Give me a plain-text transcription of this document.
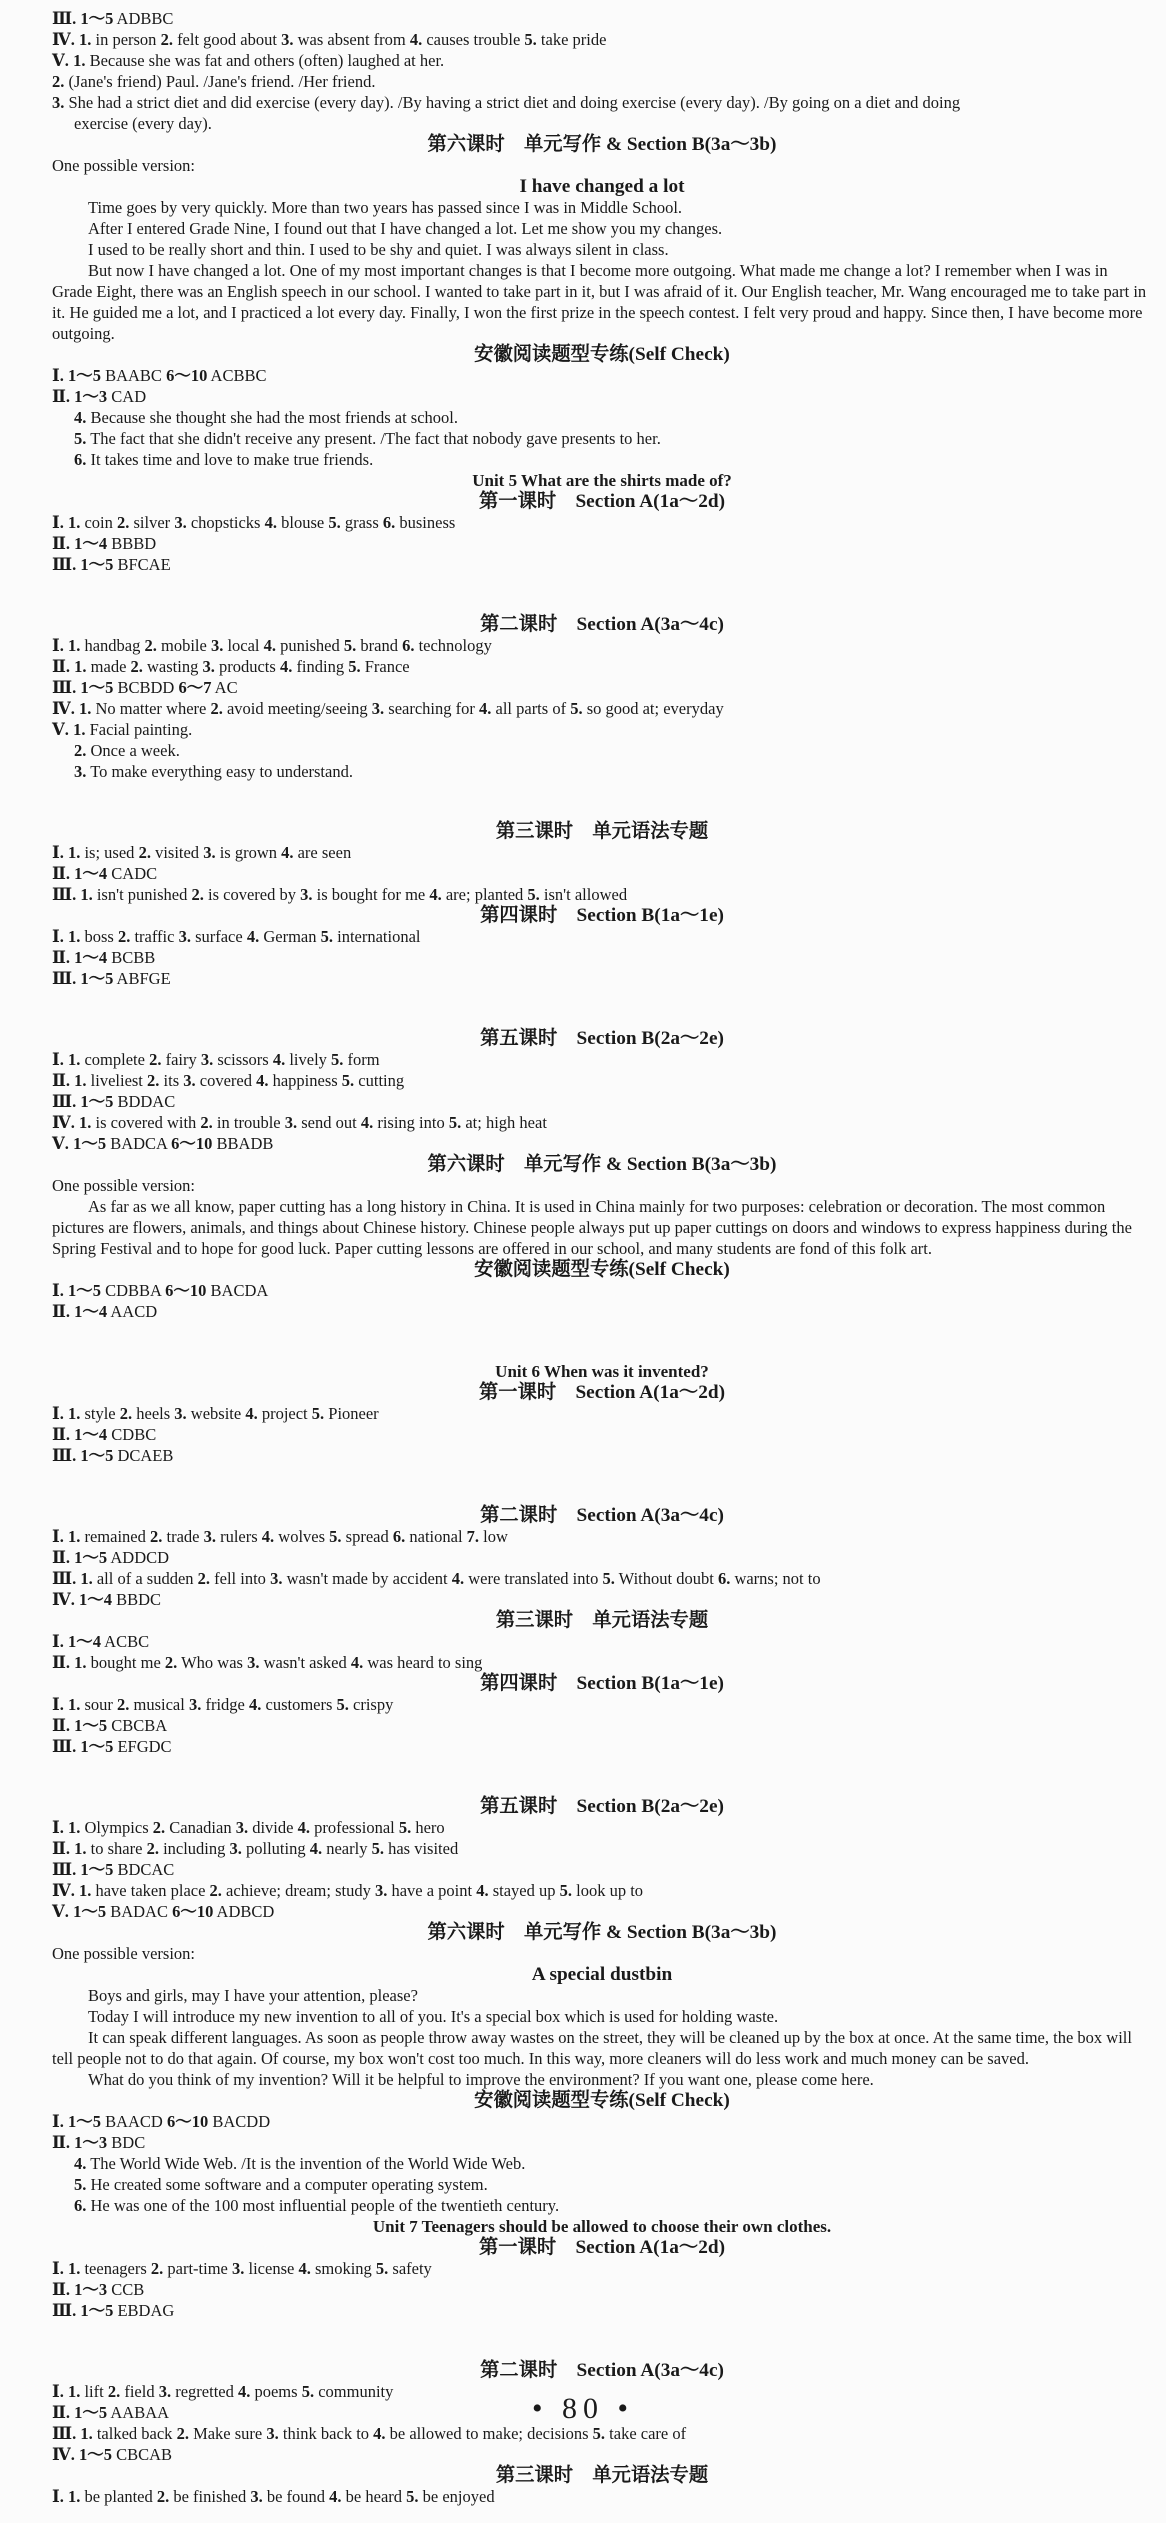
Ⅲ. 1～5 ADBBC

Ⅳ. 1. in person 2. felt good about 3. was absent from 4. causes trouble 5. take pride

Ⅴ. 1. Because she was fat and others (often) laughed at her.

2. (Jane's friend) Paul. /Jane's friend. /Her friend.

3. She had a strict diet and did exercise (every day). /By having a strict diet and doing exercise (every day). /By going on a diet and doing

exercise (every day).

第六课时　单元写作 & Section B(3a～3b)

One possible version:

I have changed a lot

Time goes by very quickly. More than two years has passed since I was in Middle School.

After I entered Grade Nine, I found out that I have changed a lot. Let me show you my changes.

I used to be really short and thin. I used to be shy and quiet. I was always silent in class.

But now I have changed a lot. One of my most important changes is that I become more outgoing. What made me change a lot? I remember when I was in Grade Eight, there was an English speech in our school. I wanted to take part in it, but I was afraid of it. Our English teacher, Mr. Wang encouraged me to take part in it. He guided me a lot, and I practiced a lot every day. Finally, I won the first prize in the speech contest. I felt very proud and happy. Since then, I have become more outgoing.

安徽阅读题型专练(Self Check)

Ⅰ. 1～5 BAABC 6～10 ACBBC

Ⅱ. 1～3 CAD

4. Because she thought she had the most friends at school.

5. The fact that she didn't receive any present. /The fact that nobody gave presents to her.

6. It takes time and love to make true friends.

Unit 5 What are the shirts made of?
第一课时　Section A(1a～2d)

Ⅰ. 1. coin 2. silver 3. chopsticks 4. blouse 5. grass 6. business

Ⅱ. 1～4 BBBD

Ⅲ. 1～5 BFCAE

第二课时　Section A(3a～4c)

Ⅰ. 1. handbag 2. mobile 3. local 4. punished 5. brand 6. technology

Ⅱ. 1. made 2. wasting 3. products 4. finding 5. France

Ⅲ. 1～5 BCBDD 6～7 AC

Ⅳ. 1. No matter where 2. avoid meeting/seeing 3. searching for 4. all parts of 5. so good at; everyday

Ⅴ. 1. Facial painting.

2. Once a week.

3. To make everything easy to understand.

第三课时　单元语法专题

Ⅰ. 1. is; used 2. visited 3. is grown 4. are seen

Ⅱ. 1～4 CADC

Ⅲ. 1. isn't punished 2. is covered by 3. is bought for me 4. are; planted 5. isn't allowed

第四课时　Section B(1a～1e)

Ⅰ. 1. boss 2. traffic 3. surface 4. German 5. international

Ⅱ. 1～4 BCBB

Ⅲ. 1～5 ABFGE

第五课时　Section B(2a～2e)

Ⅰ. 1. complete 2. fairy 3. scissors 4. lively 5. form

Ⅱ. 1. liveliest 2. its 3. covered 4. happiness 5. cutting

Ⅲ. 1～5 BDDAC

Ⅳ. 1. is covered with 2. in trouble 3. send out 4. rising into 5. at; high heat

Ⅴ. 1～5 BADCA 6～10 BBADB

第六课时　单元写作 & Section B(3a～3b)

One possible version:

As far as we all know, paper cutting has a long history in China. It is used in China mainly for two purposes: celebration or decoration. The most common pictures are flowers, animals, and things about Chinese history. Chinese people always put up paper cuttings on doors and windows to express happiness during the Spring Festival and to hope for good luck. Paper cutting lessons are offered in our school, and many students are fond of this folk art.

安徽阅读题型专练(Self Check)

Ⅰ. 1～5 CDBBA 6～10 BACDA

Ⅱ. 1～4 AACD

Unit 6 When was it invented?
第一课时　Section A(1a～2d)

Ⅰ. 1. style 2. heels 3. website 4. project 5. Pioneer

Ⅱ. 1～4 CDBC

Ⅲ. 1～5 DCAEB

第二课时　Section A(3a～4c)

Ⅰ. 1. remained 2. trade 3. rulers 4. wolves 5. spread 6. national 7. low

Ⅱ. 1～5 ADDCD

Ⅲ. 1. all of a sudden 2. fell into 3. wasn't made by accident 4. were translated into 5. Without doubt 6. warns; not to

Ⅳ. 1～4 BBDC

第三课时　单元语法专题

Ⅰ. 1～4 ACBC

Ⅱ. 1. bought me 2. Who was 3. wasn't asked 4. was heard to sing

第四课时　Section B(1a～1e)

Ⅰ. 1. sour 2. musical 3. fridge 4. customers 5. crispy

Ⅱ. 1～5 CBCBA

Ⅲ. 1～5 EFGDC

第五课时　Section B(2a～2e)

Ⅰ. 1. Olympics 2. Canadian 3. divide 4. professional 5. hero

Ⅱ. 1. to share 2. including 3. polluting 4. nearly 5. has visited

Ⅲ. 1～5 BDCAC

Ⅳ. 1. have taken place 2. achieve; dream; study 3. have a point 4. stayed up 5. look up to

Ⅴ. 1～5 BADAC 6～10 ADBCD

第六课时　单元写作 & Section B(3a～3b)

One possible version:

A special dustbin

Boys and girls, may I have your attention, please?

Today I will introduce my new invention to all of you. It's a special box which is used for holding waste.

It can speak different languages. As soon as people throw away wastes on the street, they will be cleaned up by the box at once. At the same time, the box will tell people not to do that again. Of course, my box won't cost too much. In this way, more cleaners will do less work and much money can be saved.

What do you think of my invention? Will it be helpful to improve the environment? If you want one, please come here.

安徽阅读题型专练(Self Check)

Ⅰ. 1～5 BAACD 6～10 BACDD

Ⅱ. 1～3 BDC

4. The World Wide Web. /It is the invention of the World Wide Web.

5. He created some software and a computer operating system.

6. He was one of the 100 most influential people of the twentieth century.

Unit 7 Teenagers should be allowed to choose their own clothes.
第一课时　Section A(1a～2d)

Ⅰ. 1. teenagers 2. part-time 3. license 4. smoking 5. safety

Ⅱ. 1～3 CCB

Ⅲ. 1～5 EBDAG

第二课时　Section A(3a～4c)

Ⅰ. 1. lift 2. field 3. regretted 4. poems 5. community

Ⅱ. 1～5 AABAA

Ⅲ. 1. talked back 2. Make sure 3. think back to 4. be allowed to make; decisions 5. take care of

Ⅳ. 1～5 CBCAB

第三课时　单元语法专题

Ⅰ. 1. be planted 2. be finished 3. be found 4. be heard 5. be enjoyed

• 80 •
